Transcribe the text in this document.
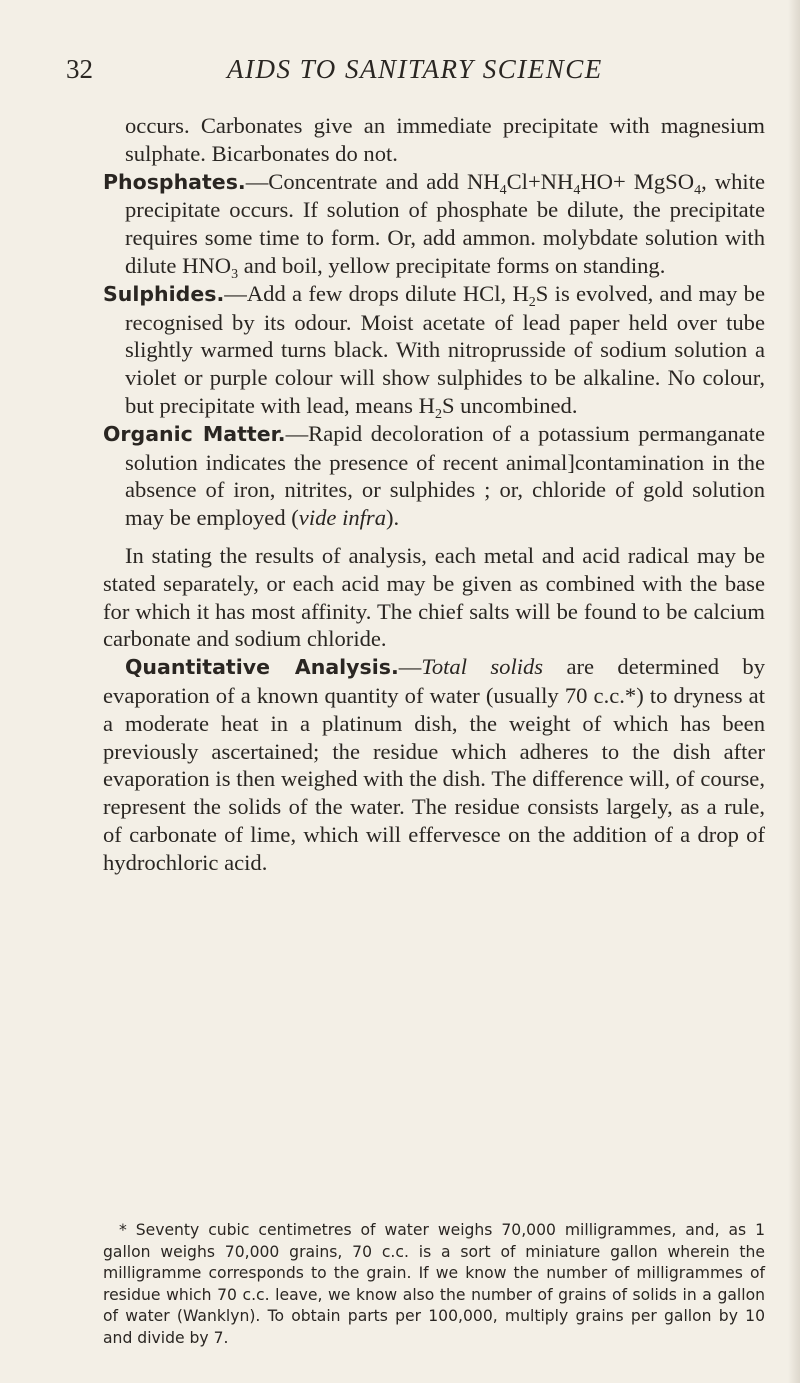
32	AIDS TO SANITARY SCIENCE

occurs. Carbonates give an immediate precipitate with magnesium sulphate. Bicarbonates do not.

Phosphates.—Concentrate and add $NH_4Cl+NH_4HO+$ MgSO$_4$, white precipitate occurs. If solution of phosphate be dilute, the precipitate requires some time to form. Or, add ammon. molybdate solution with dilute $HNO_3$ and boil, yellow precipitate forms on standing.

Sulphides.—Add a few drops dilute HCl, $H_2S$ is evolved, and may be recognised by its odour. Moist acetate of lead paper held over tube slightly warmed turns black. With nitroprusside of sodium solution a violet or purple colour will show sulphides to be alkaline. No colour, but precipitate with lead, means $H_2S$ uncombined.

Organic Matter.—Rapid decoloration of a potassium permanganate solution indicates the presence of recent animal]contamination in the absence of iron, nitrites, or sulphides ; or, chloride of gold solution may be employed (vide infra).

In stating the results of analysis, each metal and acid radical may be stated separately, or each acid may be given as combined with the base for which it has most affinity. The chief salts will be found to be calcium carbonate and sodium chloride.

Quantitative Analysis.—Total solids are determined by evaporation of a known quantity of water (usually 70 c.c.*) to dryness at a moderate heat in a platinum dish, the weight of which has been previously ascertained; the residue which adheres to the dish after evaporation is then weighed with the dish. The difference will, of course, represent the solids of the water. The residue consists largely, as a rule, of carbonate of lime, which will effervesce on the addition of a drop of hydrochloric acid.

* Seventy cubic centimetres of water weighs 70,000 milligrammes, and, as 1 gallon weighs 70,000 grains, 70 c.c. is a sort of miniature gallon wherein the milligramme corresponds to the grain. If we know the number of milligrammes of residue which 70 c.c. leave, we know also the number of grains of solids in a gallon of water (Wanklyn). To obtain parts per 100,000, multiply grains per gallon by 10 and divide by 7.
